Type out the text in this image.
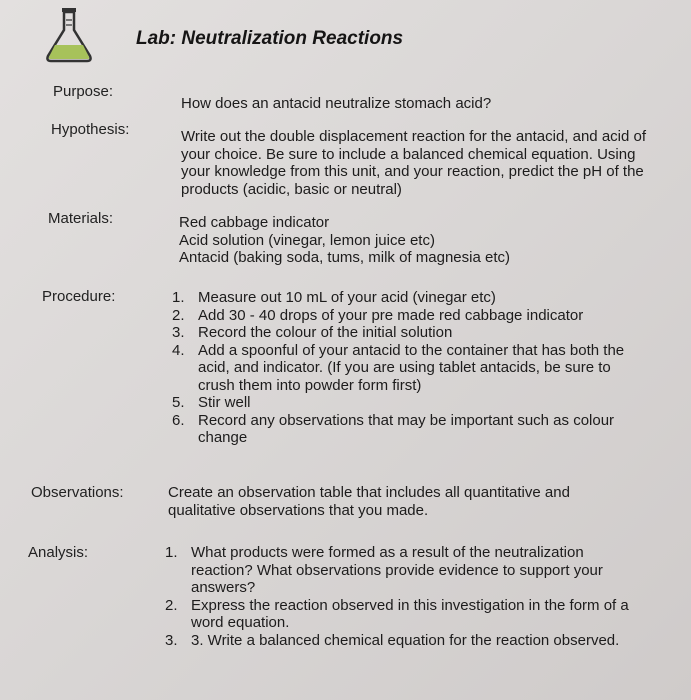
Lab: Neutralization Reactions
Purpose:
How does an antacid neutralize stomach acid?
Hypothesis:	Write out the double displacement reaction for the antacid, and acid of
your choice. Be sure to include a balanced chemical equation. Using
your knowledge from this unit, and your reaction, predict the pH of the
products (acidic, basic or neutral)
Materials:	Red cabbage indicator
Acid solution (vinegar, lemon juice etc)
Antacid (baking soda, tums, milk of magnesia etc)
Procedure:	1. Measure out 10 mL of your acid (vinegar etc)
2. Add 30 - 40 drops of your pre made red cabbage indicator
3. Record the colour of the initial solution
4. Add a spoonful of your antacid to the container that has both the
acid, and indicator. (If you are using tablet antacids, be sure to
crush them into powder form first)
5. Stir well
6. Record any observations that may be important such as colour
change
Observations:	Create an observation table that includes all quantitative and
qualitative observations that you made.
Analysis:	1. What products were formed as a result of the neutralization
reaction? What observations provide evidence to support your
answers?
2. Express the reaction observed in this investigation in the form of a
word equation.
3. 3. Write a balanced chemical equation for the reaction observed.
